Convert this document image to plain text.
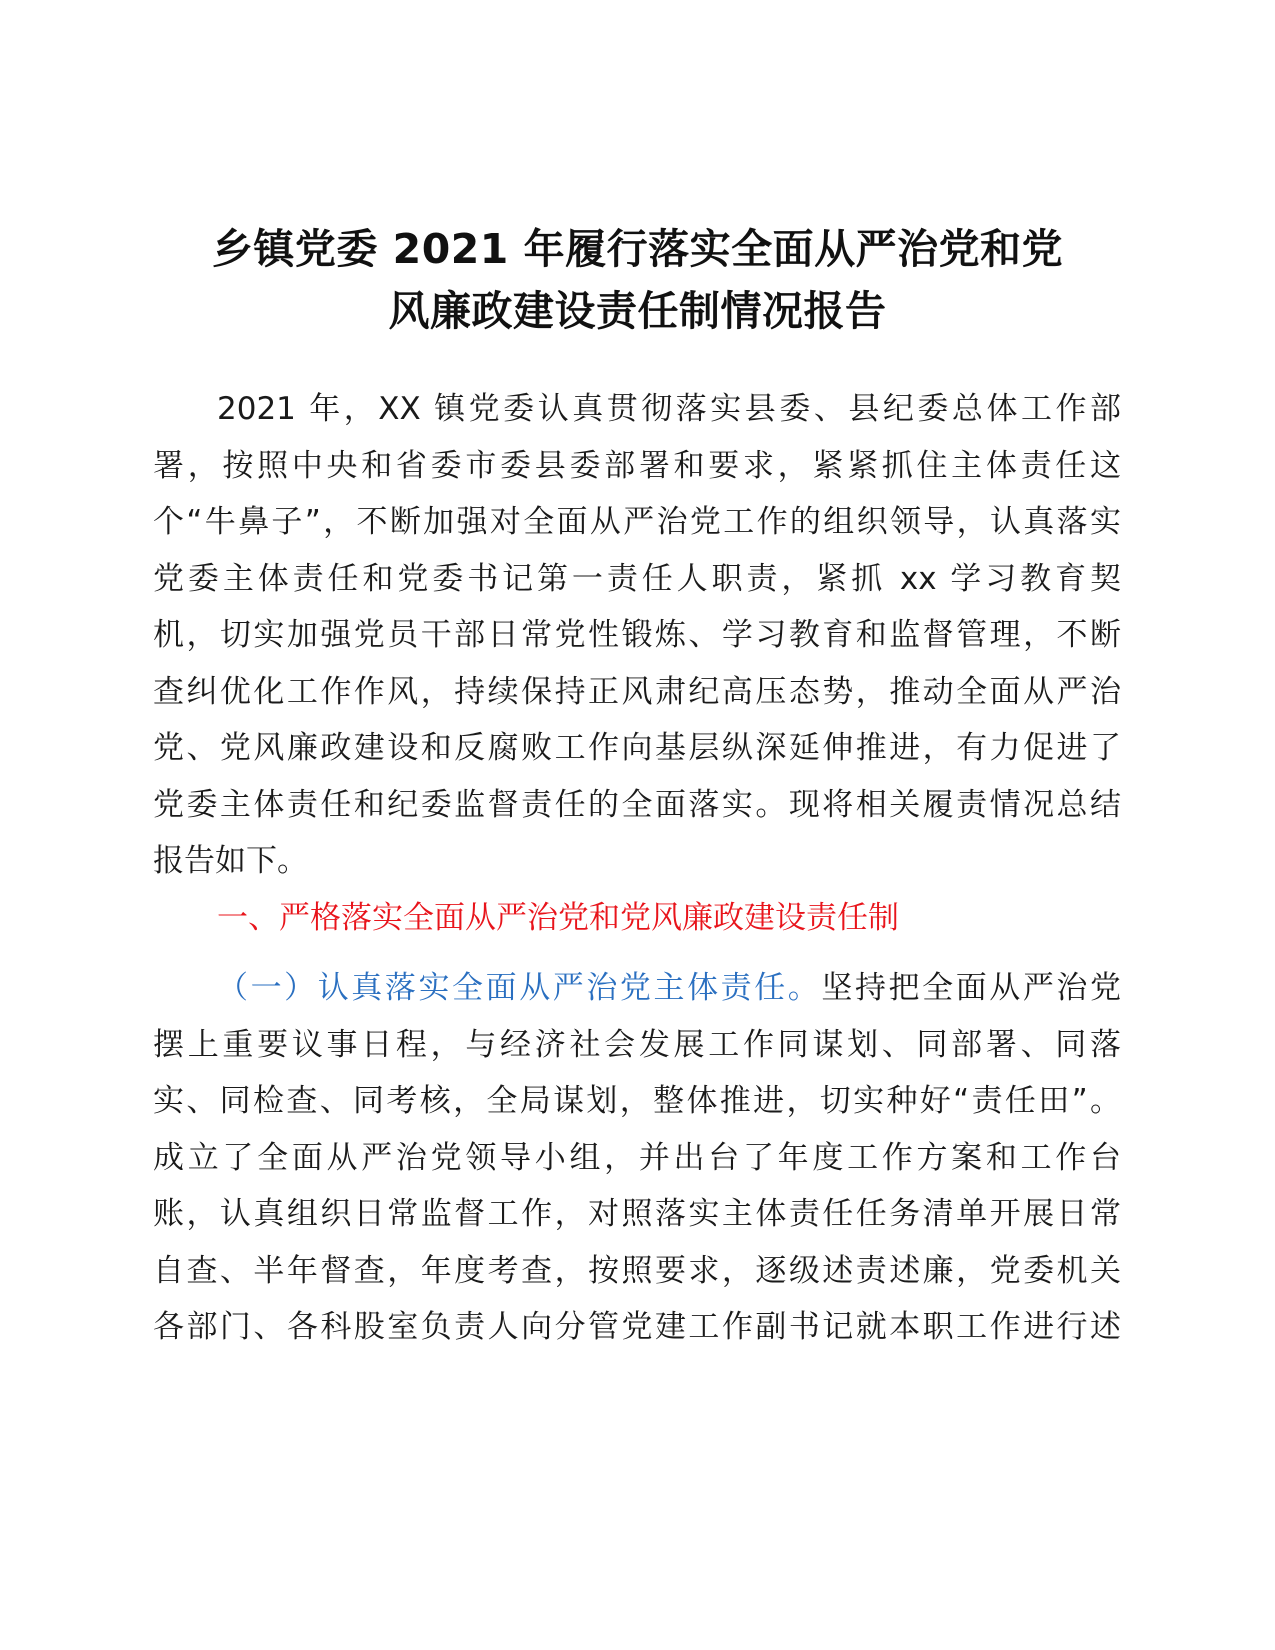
乡镇党委 2021 年履行落实全面从严治党和党
风廉政建设责任制情况报告
2021 年，XX 镇党委认真贯彻落实县委、县纪委总体工作部
署，按照中央和省委市委县委部署和要求，紧紧抓住主体责任这
个“牛鼻子”，不断加强对全面从严治党工作的组织领导，认真落实
党委主体责任和党委书记第一责任人职责，紧抓 xx 学习教育契
机，切实加强党员干部日常党性锻炼、学习教育和监督管理，不断
查纠优化工作作风，持续保持正风肃纪高压态势，推动全面从严治
党、党风廉政建设和反腐败工作向基层纵深延伸推进，有力促进了
党委主体责任和纪委监督责任的全面落实。现将相关履责情况总结
报告如下。
一、严格落实全面从严治党和党风廉政建设责任制
（一）认真落实全面从严治党主体责任。坚持把全面从严治党
摆上重要议事日程，与经济社会发展工作同谋划、同部署、同落
实、同检查、同考核，全局谋划，整体推进，切实种好“责任田”。
成立了全面从严治党领导小组，并出台了年度工作方案和工作台
账，认真组织日常监督工作，对照落实主体责任任务清单开展日常
自查、半年督查，年度考查，按照要求，逐级述责述廉，党委机关
各部门、各科股室负责人向分管党建工作副书记就本职工作进行述
